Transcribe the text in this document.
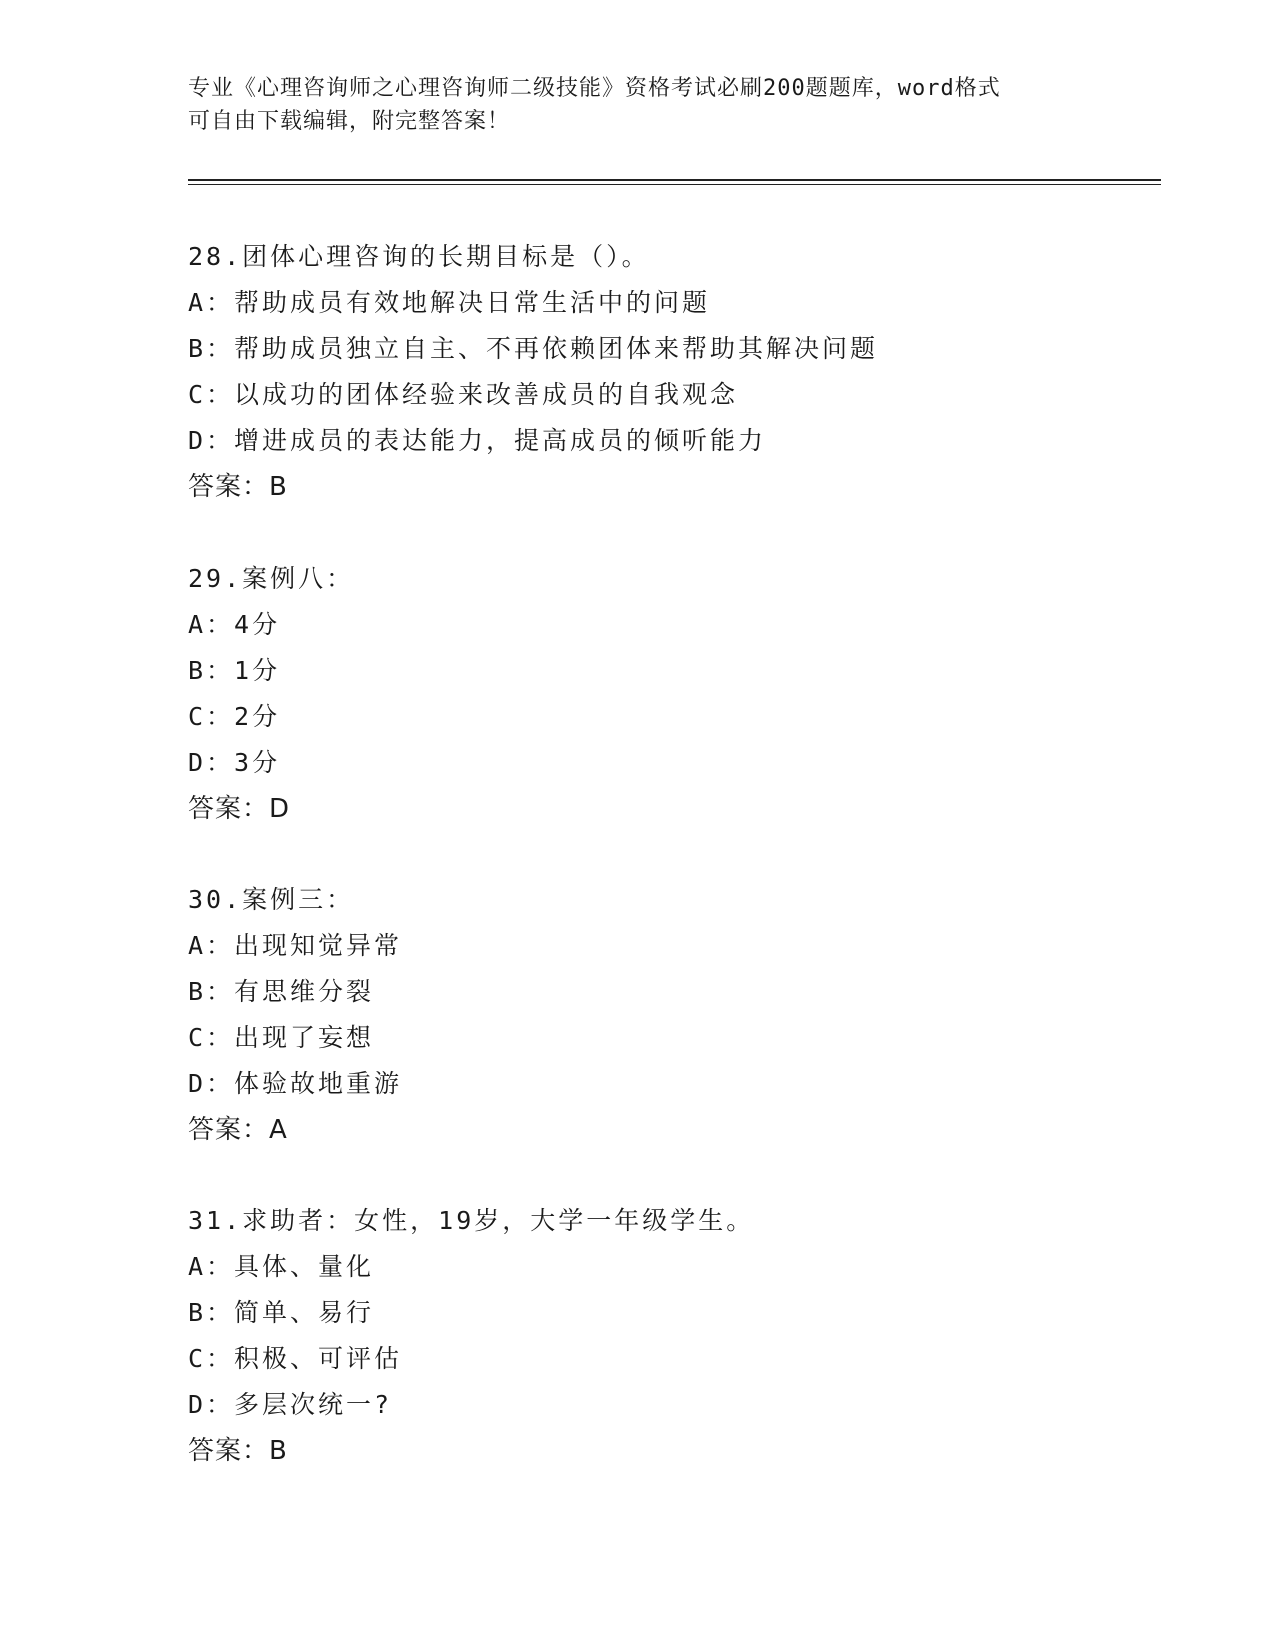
专业《心理咨询师之心理咨询师二级技能》资格考试必刷200题题库，word格式
可自由下载编辑，附完整答案！
28.团体心理咨询的长期目标是（）。
A：帮助成员有效地解决日常生活中的问题
B：帮助成员独立自主、不再依赖团体来帮助其解决问题
C：以成功的团体经验来改善成员的自我观念
D：增进成员的表达能力，提高成员的倾听能力
答案：B
29.案例八：
A：4分
B：1分
C：2分
D：3分
答案：D
30.案例三：
A：出现知觉异常
B：有思维分裂
C：出现了妄想
D：体验故地重游
答案：A
31.求助者：女性，19岁，大学一年级学生。
A：具体、量化
B：简单、易行
C：积极、可评估
D：多层次统一?
答案：B
